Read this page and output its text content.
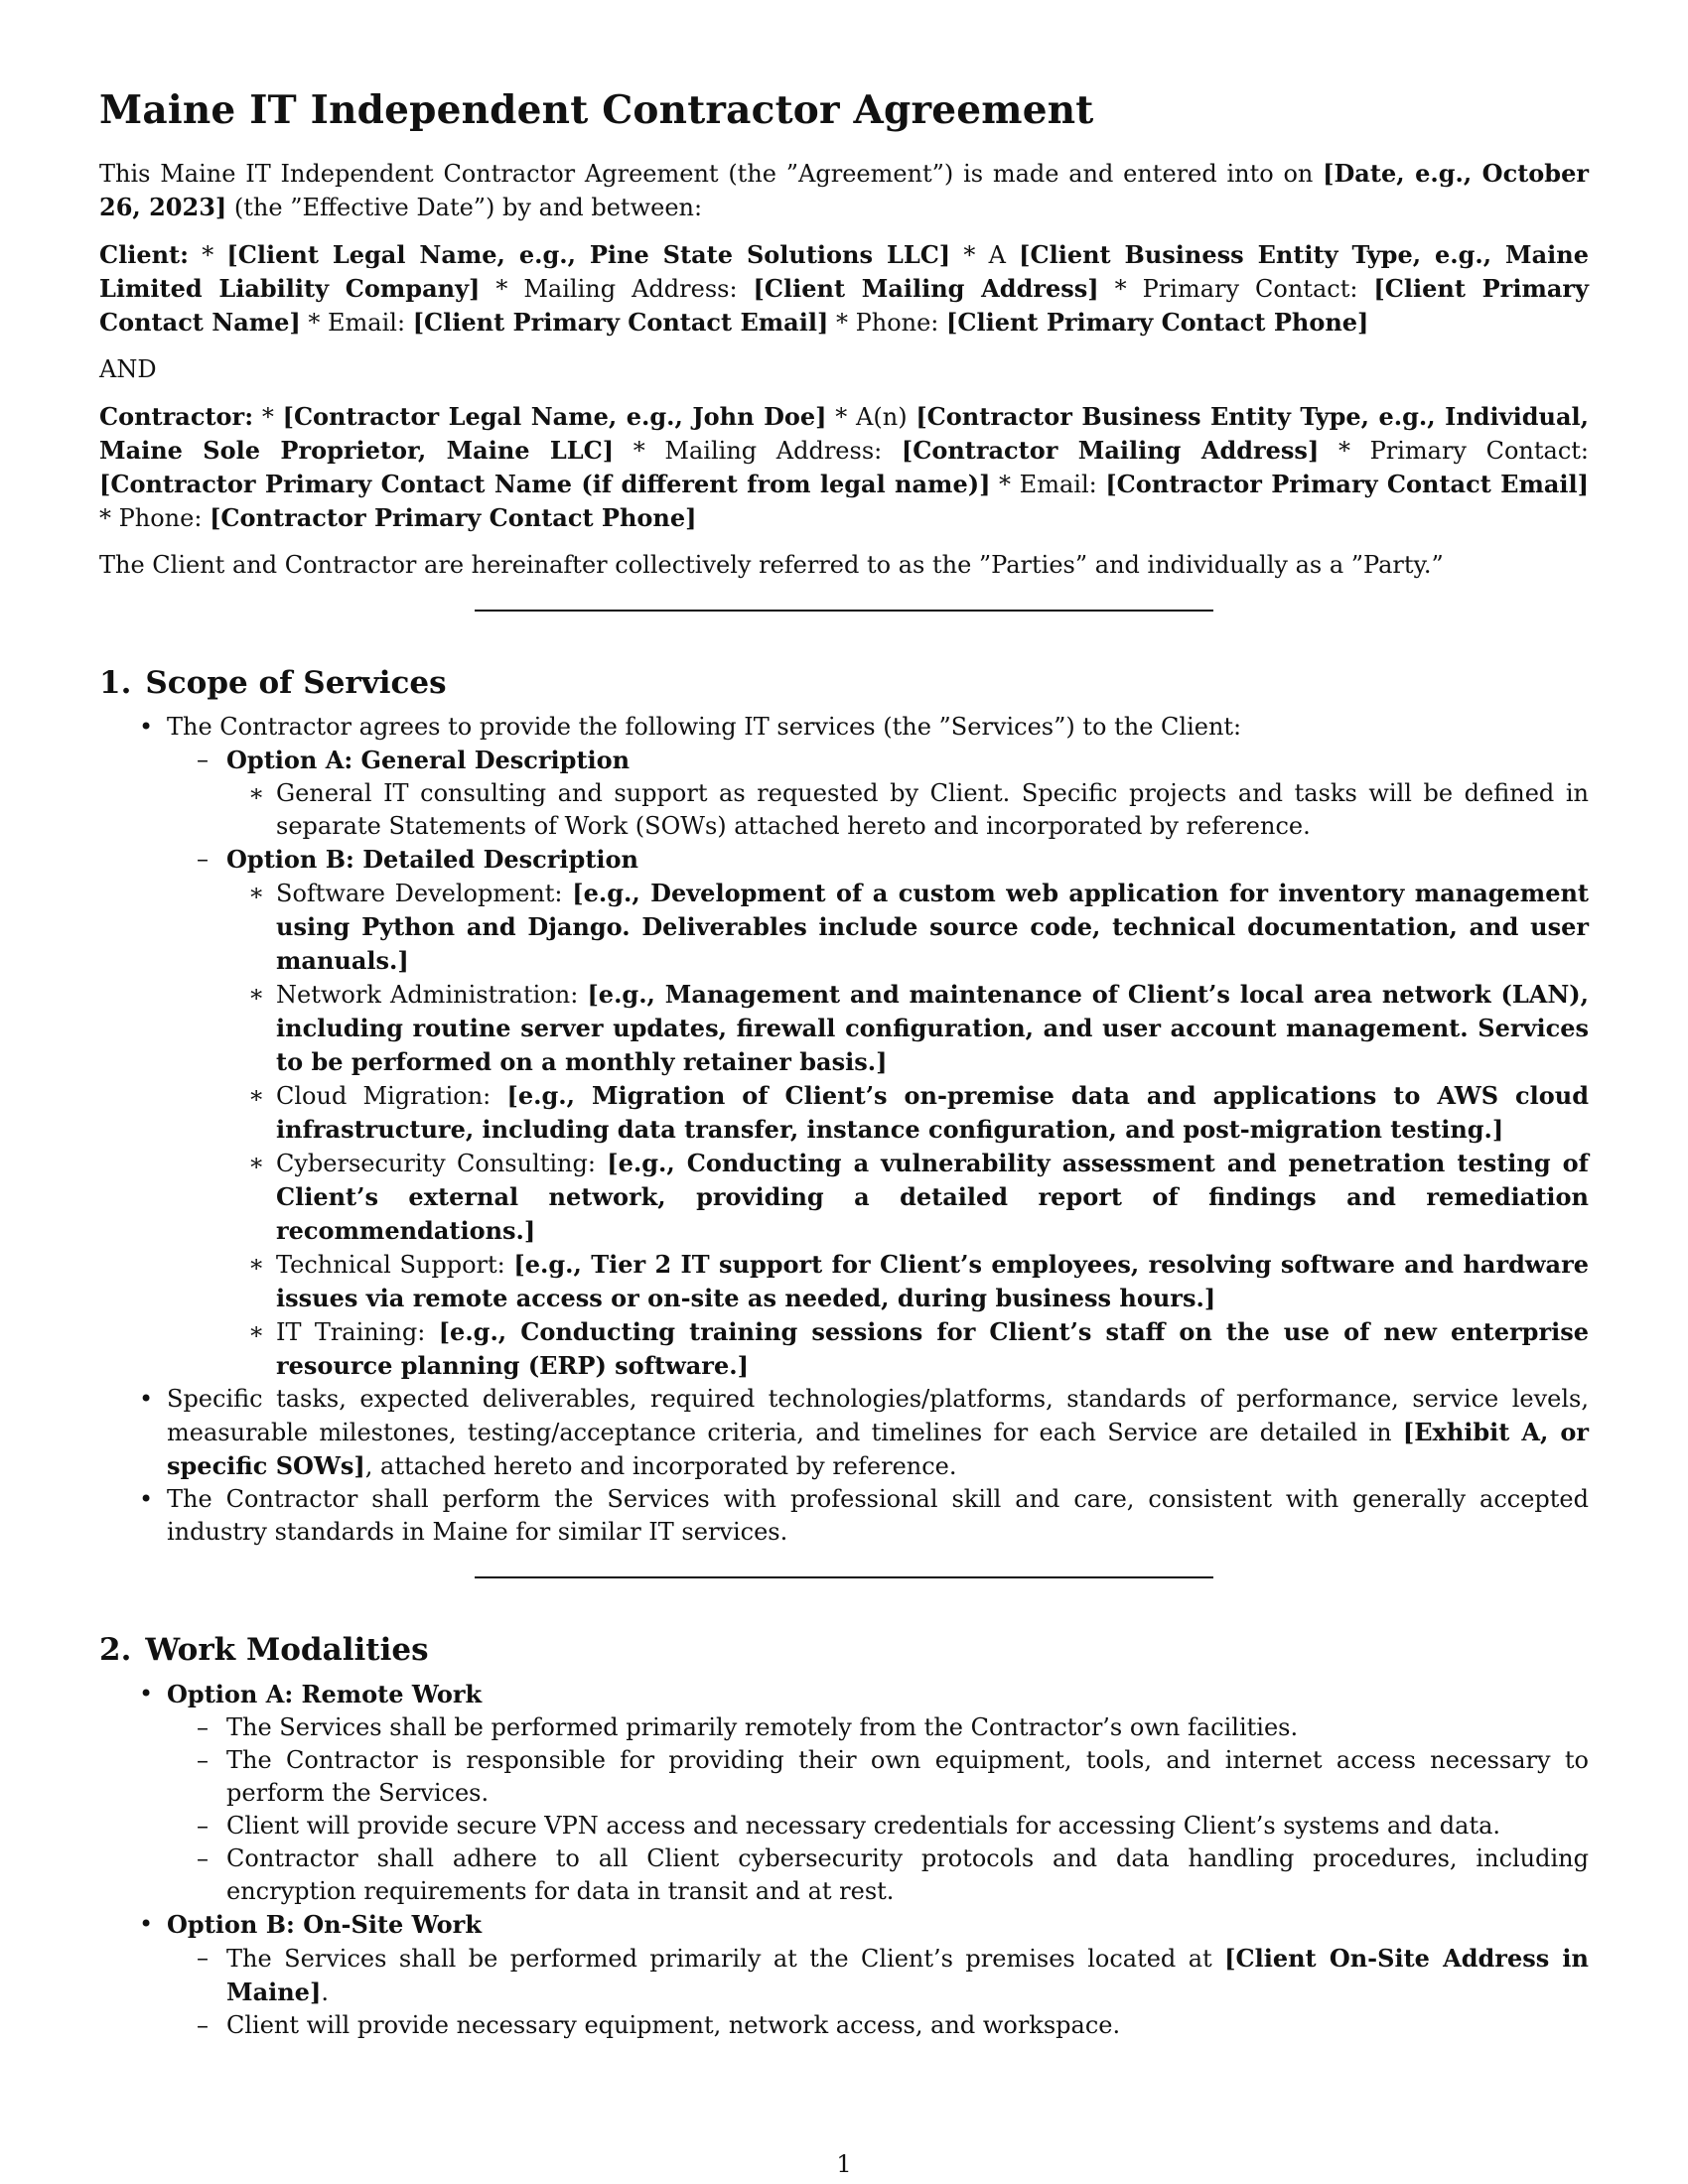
Maine IT Independent Contractor Agreement

This Maine IT Independent Contractor Agreement (the ”Agreement”) is made and entered into on [Date, e.g., October 26, 2023] (the ”Effective Date”) by and between:

Client: * [Client Legal Name, e.g., Pine State Solutions LLC] * A [Client Business Entity Type, e.g., Maine Limited Liability Company] * Mailing Address: [Client Mailing Address] * Primary Contact: [Client Primary Contact Name] * Email: [Client Primary Contact Email] * Phone: [Client Primary Contact Phone]

AND

Contractor: * [Contractor Legal Name, e.g., John Doe] * A(n) [Contractor Business Entity Type, e.g., Individual, Maine Sole Proprietor, Maine LLC] * Mailing Address: [Contractor Mailing Address] * Primary Contact: [Contractor Primary Contact Name (if different from legal name)] * Email: [Contractor Primary Contact Email] * Phone: [Contractor Primary Contact Phone]

The Client and Contractor are hereinafter collectively referred to as the ”Parties” and individually as a ”Party.”

1. Scope of Services
• The Contractor agrees to provide the following IT services (the ”Services”) to the Client:
– Option A: General Description
∗ General IT consulting and support as requested by Client. Specific projects and tasks will be defined in separate Statements of Work (SOWs) attached hereto and incorporated by reference.
– Option B: Detailed Description
∗ Software Development: [e.g., Development of a custom web application for inventory management using Python and Django. Deliverables include source code, technical documentation, and user manuals.]
∗ Network Administration: [e.g., Management and maintenance of Client’s local area network (LAN), including routine server updates, firewall configuration, and user account management. Services to be performed on a monthly retainer basis.]
∗ Cloud Migration: [e.g., Migration of Client’s on-premise data and applications to AWS cloud infrastructure, including data transfer, instance configuration, and post-migration testing.]
∗ Cybersecurity Consulting: [e.g., Conducting a vulnerability assessment and penetration testing of Client’s external network, providing a detailed report of findings and remediation recommendations.]
∗ Technical Support: [e.g., Tier 2 IT support for Client’s employees, resolving software and hardware issues via remote access or on-site as needed, during business hours.]
∗ IT Training: [e.g., Conducting training sessions for Client’s staff on the use of new enterprise resource planning (ERP) software.]
• Specific tasks, expected deliverables, required technologies/platforms, standards of performance, service levels, measurable milestones, testing/acceptance criteria, and timelines for each Service are detailed in [Exhibit A, or specific SOWs], attached hereto and incorporated by reference.
• The Contractor shall perform the Services with professional skill and care, consistent with generally accepted industry standards in Maine for similar IT services.
2. Work Modalities
• Option A: Remote Work
– The Services shall be performed primarily remotely from the Contractor’s own facilities.
– The Contractor is responsible for providing their own equipment, tools, and internet access necessary to perform the Services.
– Client will provide secure VPN access and necessary credentials for accessing Client’s systems and data.
– Contractor shall adhere to all Client cybersecurity protocols and data handling procedures, including encryption requirements for data in transit and at rest.
• Option B: On-Site Work
– The Services shall be performed primarily at the Client’s premises located at [Client On-Site Address in Maine].
– Client will provide necessary equipment, network access, and workspace.
1
